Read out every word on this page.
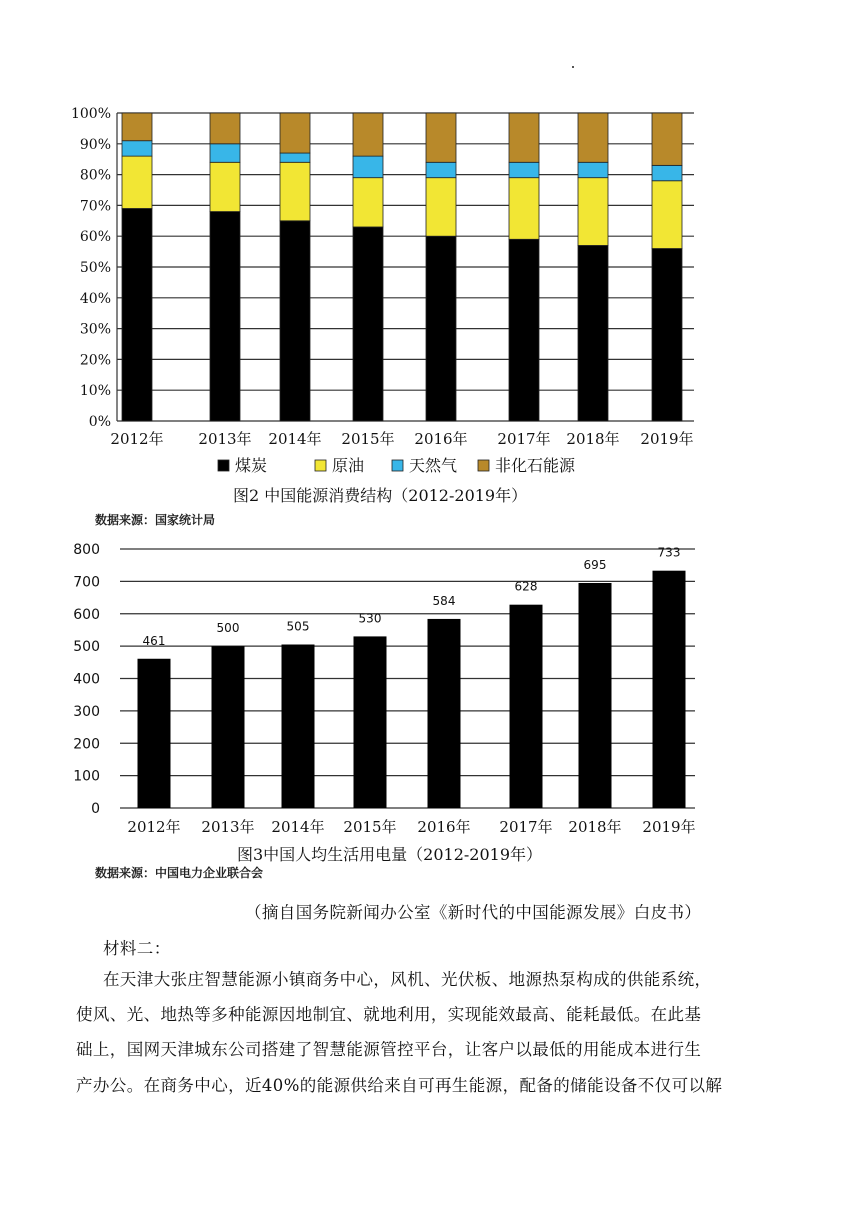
0%
10%
20%
30%
40%
50%
60%
70%
80%
90%
100%
2012年 2013年 2014年 2015年 2016年 2017年 2018年 2019年
煤炭	原油	天然气 非化石能源
图2 中国能源消费结构（2012-2019年）
数据来源：国家统计局
0
100
200
300
400
500
600
700
800
461
2012年
500
2013年
505
2014年
530
2015年
584
2016年
628
2017年
695
2018年
733
2019年
图3中国人均生活用电量（2012-2019年）
数据来源：中国电力企业联合会
（摘自国务院新闻办公室《新时代的中国能源发展》白皮书）
材料二：
在天津大张庄智慧能源小镇商务中心，风机、光伏板、地源热泵构成的供能系统，
使风、光、地热等多种能源因地制宜、就地利用，实现能效最高、能耗最低。在此基
础上，国网天津城东公司搭建了智慧能源管控平台，让客户以最低的用能成本进行生
产办公。在商务中心，近40%的能源供给来自可再生能源，配备的储能设备不仅可以解
